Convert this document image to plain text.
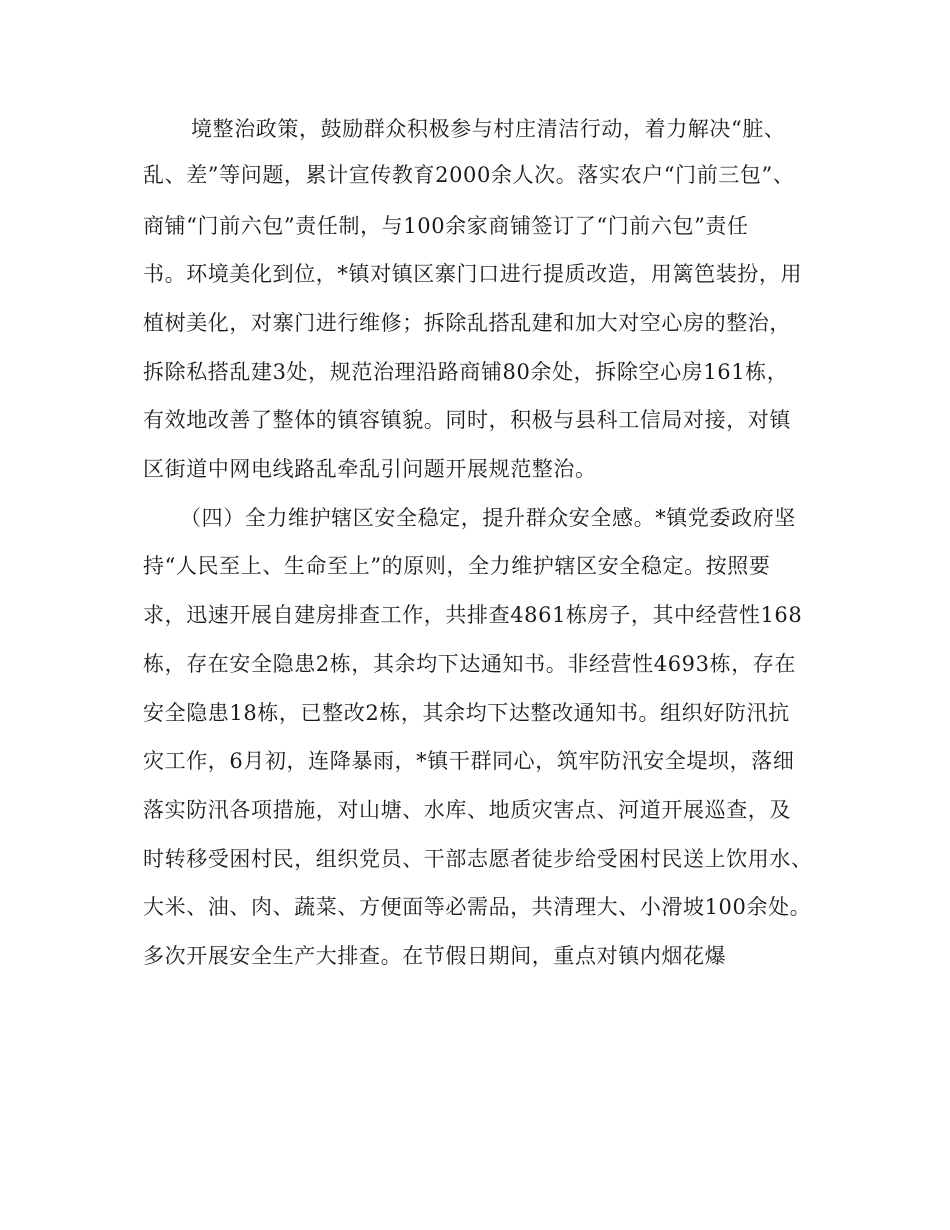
境整治政策，鼓励群众积极参与村庄清洁行动，着力解决“脏、
乱、差”等问题，累计宣传教育2000余人次。落实农户“门前三包”、
商铺“门前六包”责任制，与100余家商铺签订了“门前六包”责任
书。环境美化到位，*镇对镇区寨门口进行提质改造，用篱笆装扮，用
植树美化，对寨门进行维修；拆除乱搭乱建和加大对空心房的整治，
拆除私搭乱建3处，规范治理沿路商铺80余处，拆除空心房161栋，
有效地改善了整体的镇容镇貌。同时，积极与县科工信局对接，对镇
区街道中网电线路乱牵乱引问题开展规范整治。
（四）全力维护辖区安全稳定，提升群众安全感。*镇党委政府坚
持“人民至上、生命至上”的原则，全力维护辖区安全稳定。按照要
求，迅速开展自建房排查工作，共排查4861栋房子，其中经营性168
栋，存在安全隐患2栋，其余均下达通知书。非经营性4693栋，存在
安全隐患18栋，已整改2栋，其余均下达整改通知书。组织好防汛抗
灾工作，6月初，连降暴雨，*镇干群同心，筑牢防汛安全堤坝，落细
落实防汛各项措施，对山塘、水库、地质灾害点、河道开展巡查，及
时转移受困村民，组织党员、干部志愿者徒步给受困村民送上饮用水、
大米、油、肉、蔬菜、方便面等必需品，共清理大、小滑坡100余处。
多次开展安全生产大排查。在节假日期间，重点对镇内烟花爆
